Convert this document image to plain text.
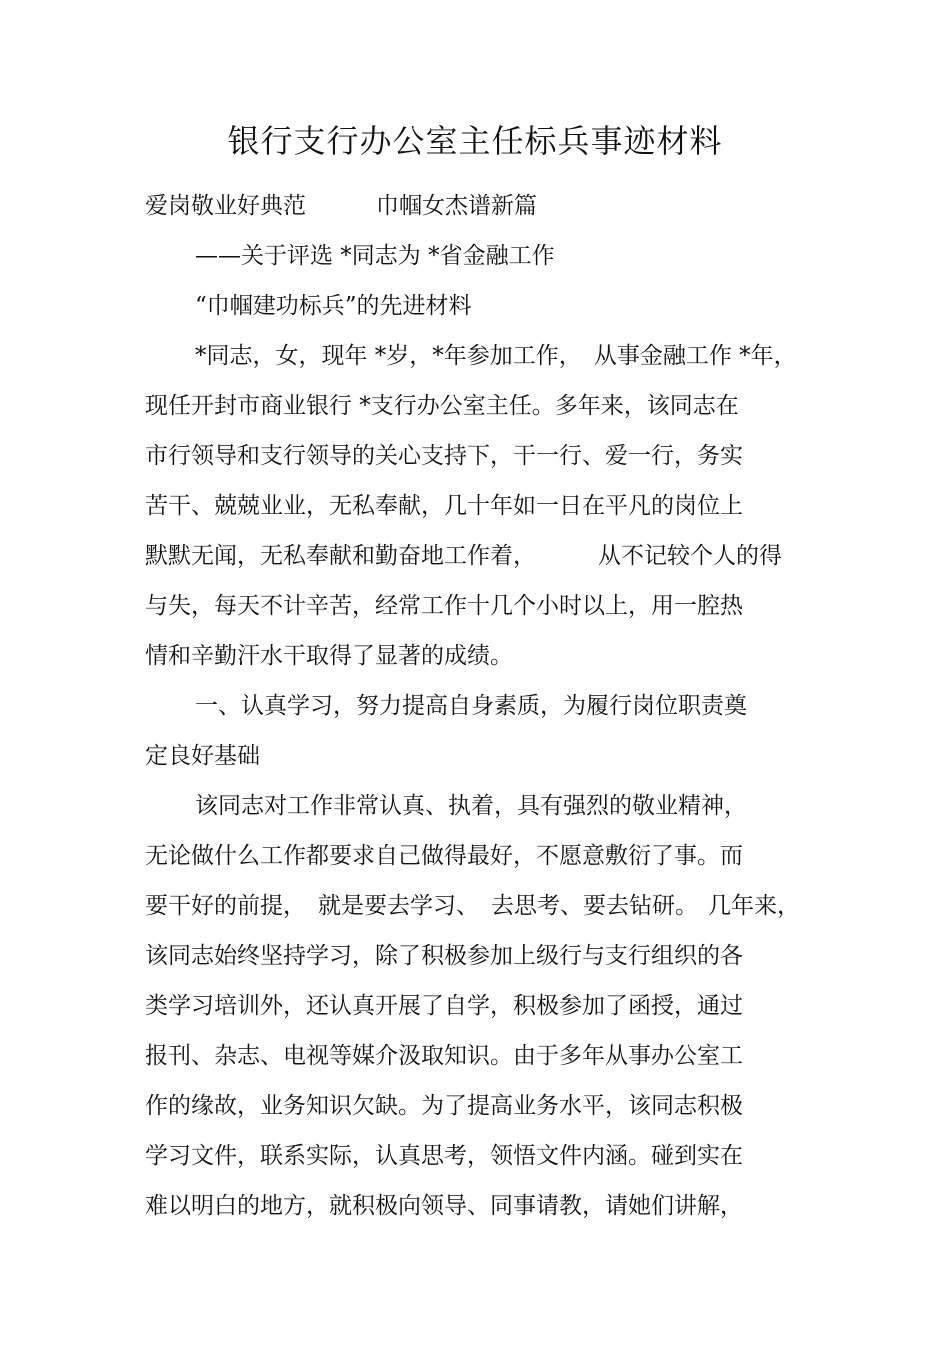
银行支行办公室主任标兵事迹材料
爱岗敬业好典范	巾帼女杰谱新篇
——关于评选 *同志为 *省金融工作
“巾帼建功标兵”的先进材料
*同志，女，现年 *岁，*年参加工作， 从事金融工作 *年，
现任开封市商业银行 *支行办公室主任。多年来，该同志在
市行领导和支行领导的关心支持下，干一行、爱一行，务实
苦干、兢兢业业，无私奉献，几十年如一日在平凡的岗位上
默默无闻，无私奉献和勤奋地工作着，	从不记较个人的得
与失，每天不计辛苦，经常工作十几个小时以上，用一腔热
情和辛勤汗水干取得了显著的成绩。
一、认真学习，努力提高自身素质，为履行岗位职责奠
定良好基础
该同志对工作非常认真、执着，具有强烈的敬业精神，
无论做什么工作都要求自己做得最好，不愿意敷衍了事。而
要干好的前提， 就是要去学习、 去思考、要去钻研。 几年来，
该同志始终坚持学习，除了积极参加上级行与支行组织的各
类学习培训外，还认真开展了自学，积极参加了函授，通过
报刊、杂志、电视等媒介汲取知识。由于多年从事办公室工
作的缘故，业务知识欠缺。为了提高业务水平，该同志积极
学习文件，联系实际，认真思考，领悟文件内涵。碰到实在
难以明白的地方，就积极向领导、同事请教，请她们讲解，
